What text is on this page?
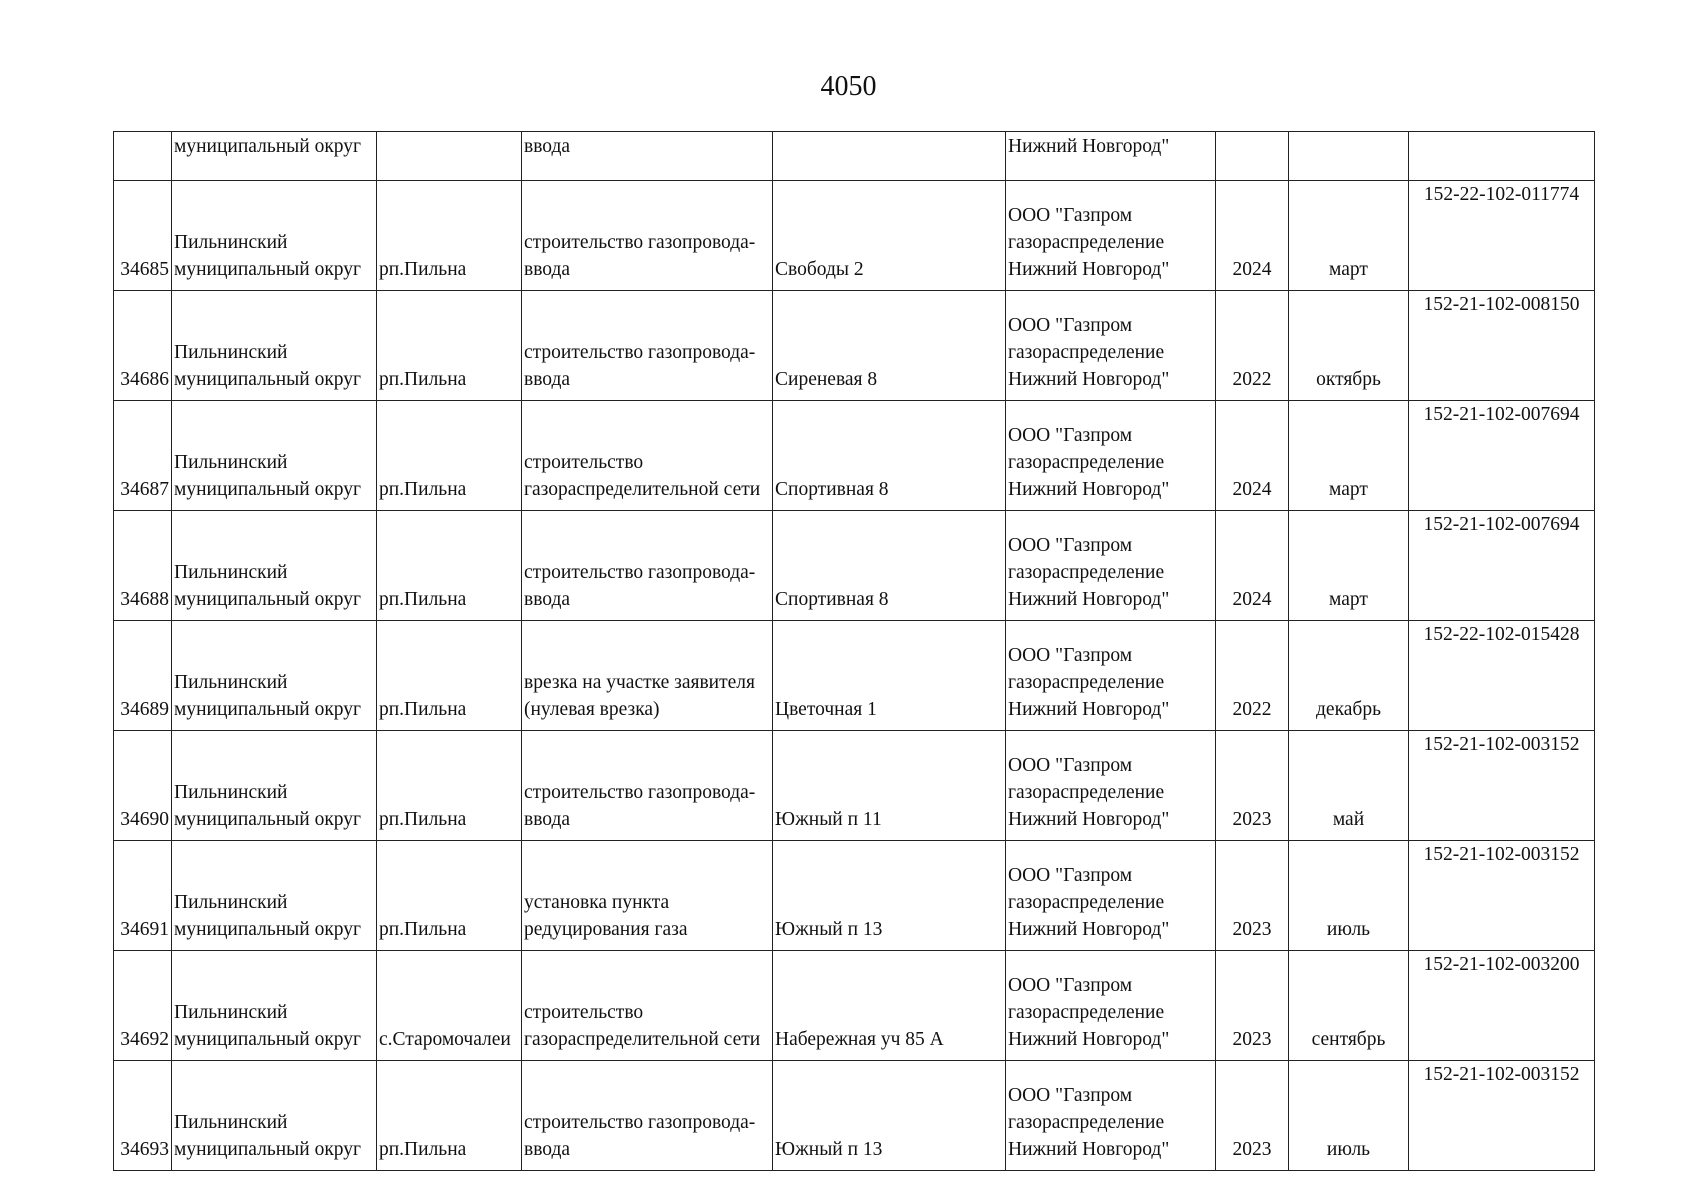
4050

	муниципальный округ		ввода		Нижний Новгород"			

34685	Пильнинский
муниципальный округ	рп.Пильна	строительство газопровода-
ввода	Свободы 2	ООО "Газпром
газораспределение
Нижний Новгород"	2024	март	152-22-102-011774
34686	Пильнинский
муниципальный округ	рп.Пильна	строительство газопровода-
ввода	Сиреневая 8	ООО "Газпром
газораспределение
Нижний Новгород"	2022	октябрь	152-21-102-008150
34687	Пильнинский
муниципальный округ	рп.Пильна	строительство
газораспределительной сети	Спортивная 8	ООО "Газпром
газораспределение
Нижний Новгород"	2024	март	152-21-102-007694
34688	Пильнинский
муниципальный округ	рп.Пильна	строительство газопровода-
ввода	Спортивная 8	ООО "Газпром
газораспределение
Нижний Новгород"	2024	март	152-21-102-007694
34689	Пильнинский
муниципальный округ	рп.Пильна	врезка на участке заявителя
(нулевая врезка)	Цветочная 1	ООО "Газпром
газораспределение
Нижний Новгород"	2022	декабрь	152-22-102-015428
34690	Пильнинский
муниципальный округ	рп.Пильна	строительство газопровода-
ввода	Южный п 11	ООО "Газпром
газораспределение
Нижний Новгород"	2023	май	152-21-102-003152
34691	Пильнинский
муниципальный округ	рп.Пильна	установка пункта
редуцирования газа	Южный п 13	ООО "Газпром
газораспределение
Нижний Новгород"	2023	июль	152-21-102-003152
34692	Пильнинский
муниципальный округ	с.Старомочалеи	строительство
газораспределительной сети	Набережная уч 85 А	ООО "Газпром
газораспределение
Нижний Новгород"	2023	сентябрь	152-21-102-003200
34693	Пильнинский
муниципальный округ	рп.Пильна	строительство газопровода-
ввода	Южный п 13	ООО "Газпром
газораспределение
Нижний Новгород"	2023	июль	152-21-102-003152
